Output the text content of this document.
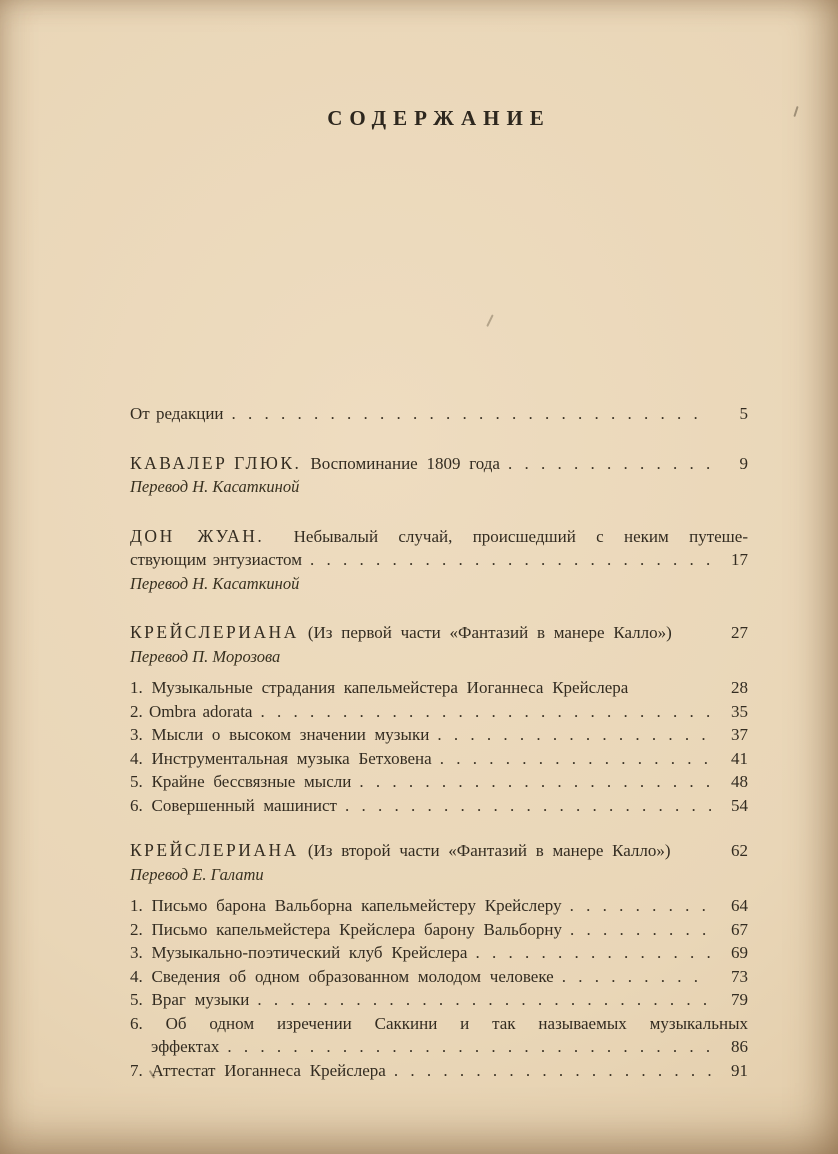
СОДЕРЖАНИЕ
От редакции . . .	5
КАВАЛЕР ГЛЮК. Воспоминание 1809 года . . .	9
Перевод Н. Касаткиной
ДОН ЖУАН. Небывалый случай, происшедший с неким путеше-
ствующим энтузиастом . . .	17
Перевод Н. Касаткиной
КРЕЙСЛЕРИАНА (Из первой части «Фантазий в манере Калло»)	27
Перевод П. Морозова
1. Музыкальные страдания капельмейстера Иоганнеса Крейслера	28
2. Ombra adorata . . .	35
3. Мысли о высоком значении музыки . . .	37
4. Инструментальная музыка Бетховена . . .	41
5. Крайне бессвязные мысли . . .	48
6. Совершенный машинист . . .	54
КРЕЙСЛЕРИАНА (Из второй части «Фантазий в манере Калло»)	62
Перевод Е. Галати
1. Письмо барона Вальборна капельмейстеру Крейслеру . . .	64
2. Письмо капельмейстера Крейслера барону Вальборну . . .	67
3. Музыкально-поэтический клуб Крейслера . . .	69
4. Сведения об одном образованном молодом человеке . . .	73
5. Враг музыки . . .	79
6. Об одном изречении Саккини и так называемых музыкальных
эффектах . . .	86
7. Аттестат Иоганнеса Крейслера . . .	91
